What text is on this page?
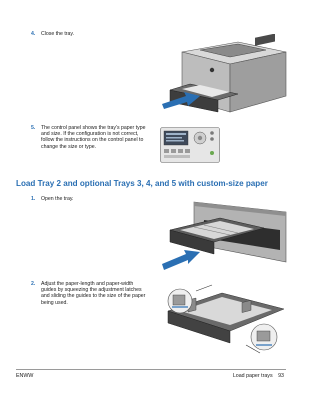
4. Close the tray.
5. The control panel shows the tray's paper type
and size. If the configuration is not correct,
follow the instructions on the control panel to
change the size or type.
Load Tray 2 and optional Trays 3, 4, and 5 with custom-size paper
1. Open the tray.
2. Adjust the paper-length and paper-width
guides by squeezing the adjustment latches
and sliding the guides to the size of the paper
being used.
ENWW	Load paper trays 93
